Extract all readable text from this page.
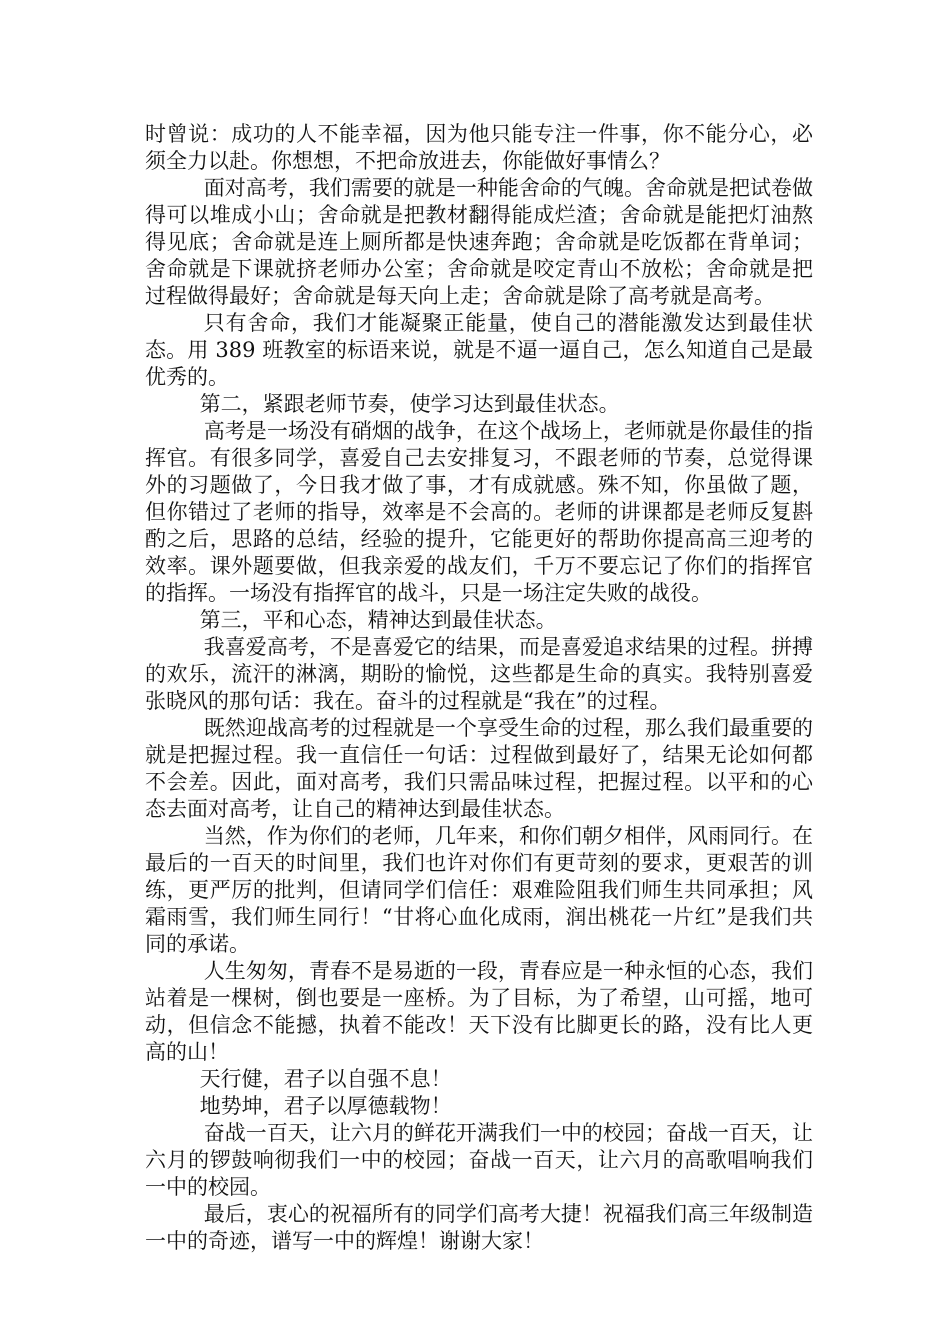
时曾说：成功的人不能幸福，因为他只能专注一件事，你不能分心，必须全力以赴。你想想，不把命放进去，你能做好事情么？

面对高考，我们需要的就是一种能舍命的气魄。舍命就是把试卷做得可以堆成小山；舍命就是把教材翻得能成烂渣；舍命就是能把灯油熬得见底；舍命就是连上厕所都是快速奔跑；舍命就是吃饭都在背单词；舍命就是下课就挤老师办公室；舍命就是咬定青山不放松；舍命就是把过程做得最好；舍命就是每天向上走；舍命就是除了高考就是高考。

只有舍命，我们才能凝聚正能量，使自己的潜能激发达到最佳状态。用 389 班教室的标语来说，就是不逼一逼自己，怎么知道自己是最优秀的。

第二，紧跟老师节奏，使学习达到最佳状态。

高考是一场没有硝烟的战争，在这个战场上，老师就是你最佳的指挥官。有很多同学，喜爱自己去安排复习，不跟老师的节奏，总觉得课外的习题做了，今日我才做了事，才有成就感。殊不知，你虽做了题，但你错过了老师的指导，效率是不会高的。老师的讲课都是老师反复斟酌之后，思路的总结，经验的提升，它能更好的帮助你提高高三迎考的效率。课外题要做，但我亲爱的战友们，千万不要忘记了你们的指挥官的指挥。一场没有指挥官的战斗，只是一场注定失败的战役。

第三，平和心态，精神达到最佳状态。

我喜爱高考，不是喜爱它的结果，而是喜爱追求结果的过程。拼搏的欢乐，流汗的淋漓，期盼的愉悦，这些都是生命的真实。我特别喜爱张晓风的那句话：我在。奋斗的过程就是“我在”的过程。

既然迎战高考的过程就是一个享受生命的过程，那么我们最重要的就是把握过程。我一直信任一句话：过程做到最好了，结果无论如何都不会差。因此，面对高考，我们只需品味过程，把握过程。以平和的心态去面对高考，让自己的精神达到最佳状态。

当然，作为你们的老师，几年来，和你们朝夕相伴，风雨同行。在最后的一百天的时间里，我们也许对你们有更苛刻的要求，更艰苦的训练，更严厉的批判，但请同学们信任：艰难险阻我们师生共同承担；风霜雨雪，我们师生同行！“甘将心血化成雨，润出桃花一片红”是我们共同的承诺。

人生匆匆，青春不是易逝的一段，青春应是一种永恒的心态，我们站着是一棵树，倒也要是一座桥。为了目标，为了希望，山可摇，地可动，但信念不能撼，执着不能改！天下没有比脚更长的路，没有比人更高的山！

天行健，君子以自强不息！

地势坤，君子以厚德载物！

奋战一百天，让六月的鲜花开满我们一中的校园；奋战一百天，让六月的锣鼓响彻我们一中的校园；奋战一百天，让六月的高歌唱响我们一中的校园。

最后，衷心的祝福所有的同学们高考大捷！祝福我们高三年级制造一中的奇迹，谱写一中的辉煌！谢谢大家！
